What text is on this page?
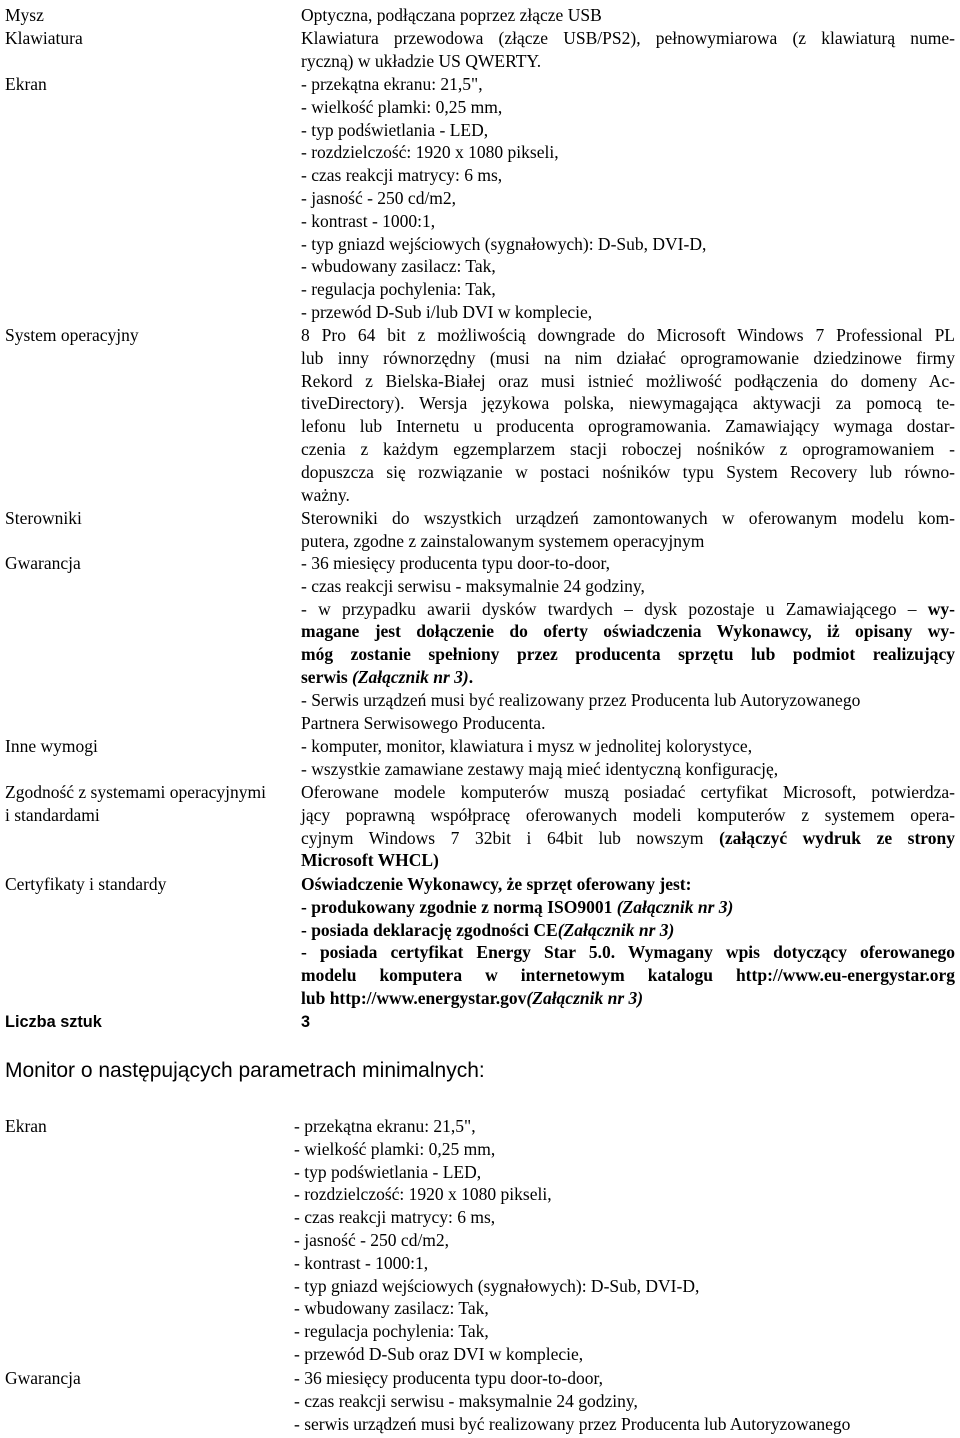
Mysz	Optyczna, podłączana poprzez złącze USB
Klawiatura	Klawiatura przewodowa (złącze USB/PS2), pełnowymiarowa (z klawiaturą nume-
ryczną) w układzie US QWERTY.
Ekran	- przekątna ekranu: 21,5",
- wielkość plamki: 0,25 mm,
- typ podświetlania - LED,
- rozdzielczość: 1920 x 1080 pikseli,
- czas reakcji matrycy: 6 ms,
- jasność - 250 cd/m2,
- kontrast - 1000:1,
- typ gniazd wejściowych (sygnałowych): D-Sub, DVI-D,
- wbudowany zasilacz: Tak,
- regulacja pochylenia: Tak,
- przewód D-Sub i/lub DVI w komplecie,
System operacyjny	8 Pro 64 bit z możliwością downgrade do Microsoft Windows 7 Professional PL
lub inny równorzędny (musi na nim działać oprogramowanie dziedzinowe firmy
Rekord z Bielska-Białej oraz musi istnieć możliwość podłączenia do domeny Ac-
tiveDirectory). Wersja językowa polska, niewymagająca aktywacji za pomocą te-
lefonu lub Internetu u producenta oprogramowania. Zamawiający wymaga dostar-
czenia z każdym egzemplarzem stacji roboczej nośników z oprogramowaniem -
dopuszcza się rozwiązanie w postaci nośników typu System Recovery lub równo-
ważny.
Sterowniki	Sterowniki do wszystkich urządzeń zamontowanych w oferowanym modelu kom-
putera, zgodne z zainstalowanym systemem operacyjnym
Gwarancja	- 36 miesięcy producenta typu door-to-door,
- czas reakcji serwisu - maksymalnie 24 godziny,
- w przypadku awarii dysków twardych – dysk pozostaje u Zamawiającego – wy-
magane jest dołączenie do oferty oświadczenia Wykonawcy, iż opisany wy-
móg zostanie spełniony przez producenta sprzętu lub podmiot realizujący
serwis (Załącznik nr 3).
- Serwis urządzeń musi być realizowany przez Producenta lub Autoryzowanego
Partnera Serwisowego Producenta.
Inne wymogi	- komputer, monitor, klawiatura i mysz w jednolitej kolorystyce,
- wszystkie zamawiane zestawy mają mieć identyczną konfigurację,
Zgodność z systemami operacyjnymi
i standardami
Oferowane modele komputerów muszą posiadać certyfikat Microsoft, potwierdza-
jący poprawną współpracę oferowanych modeli komputerów z systemem opera-
cyjnym Windows 7 32bit i 64bit lub nowszym (załączyć wydruk ze strony
Microsoft WHCL)
Certyfikaty i standardy	Oświadczenie Wykonawcy, że sprzęt oferowany jest:
- produkowany zgodnie z normą ISO9001 (Załącznik nr 3)
- posiada deklarację zgodności CE(Załącznik nr 3)
- posiada certyfikat Energy Star 5.0. Wymagany wpis dotyczący oferowanego
modelu komputera w internetowym katalogu http://www.eu-energystar.org
lub http://www.energystar.gov(Załącznik nr 3)
Liczba sztuk	3
Monitor o następujących parametrach minimalnych:
Ekran	- przekątna ekranu: 21,5",
- wielkość plamki: 0,25 mm,
- typ podświetlania - LED,
- rozdzielczość: 1920 x 1080 pikseli,
- czas reakcji matrycy: 6 ms,
- jasność - 250 cd/m2,
- kontrast - 1000:1,
- typ gniazd wejściowych (sygnałowych): D-Sub, DVI-D,
- wbudowany zasilacz: Tak,
- regulacja pochylenia: Tak,
- przewód D-Sub oraz DVI w komplecie,
Gwarancja	- 36 miesięcy producenta typu door-to-door,
- czas reakcji serwisu - maksymalnie 24 godziny,
- serwis urządzeń musi być realizowany przez Producenta lub Autoryzowanego
